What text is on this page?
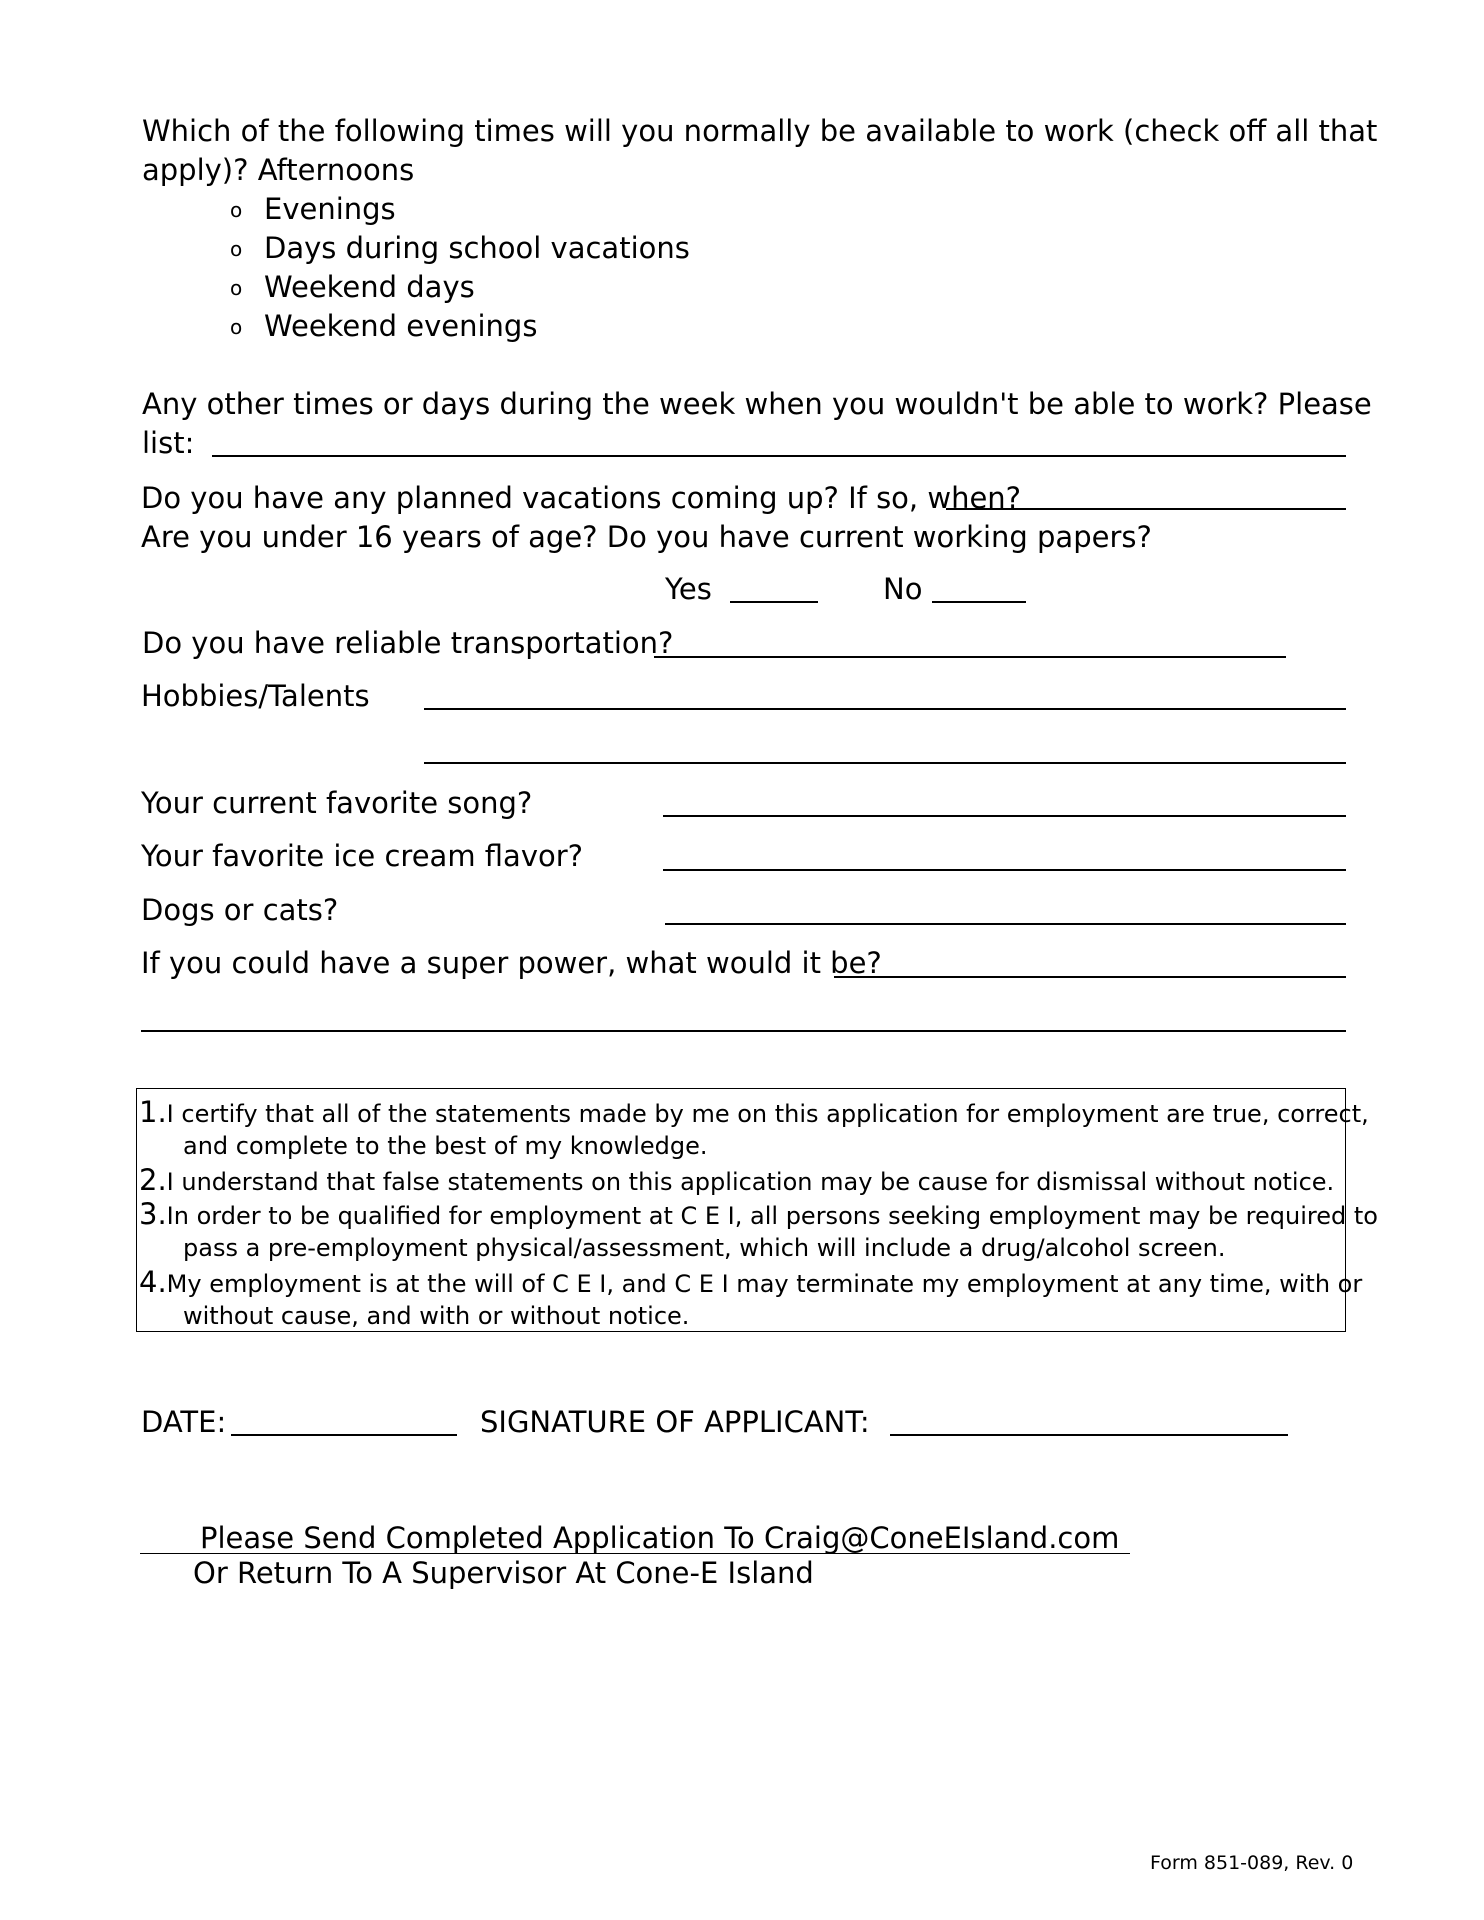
Which of the following times will you normally be available to work (check off all that
apply)? Afternoons
o Evenings
o Days during school vacations
o Weekend days
o Weekend evenings
Any other times or days during the week when you wouldn't be able to work? Please
list:
Do you have any planned vacations coming up? If so, when?
Are you under 16 years of age? Do you have current working papers?
Yes	No
Do you have reliable transportation?
Hobbies/Talents
Your current favorite song?
Your favorite ice cream flavor?
Dogs or cats?
If you could have a super power, what would it be?
1.I certify that all of the statements made by me on this application for employment are true, correct,
and complete to the best of my knowledge.
2.I understand that false statements on this application may be cause for dismissal without notice.
3.In order to be qualified for employment at C E I, all persons seeking employment may be required to
pass a pre-employment physical/assessment, which will include a drug/alcohol screen.
4.My employment is at the will of C E I, and C E I may terminate my employment at any time, with or
without cause, and with or without notice.
DATE:	SIGNATURE OF APPLICANT:
Please Send Completed Application To Craig@ConeEIsland.com
Or Return To A Supervisor At Cone-E Island
Form 851-089, Rev. 0
